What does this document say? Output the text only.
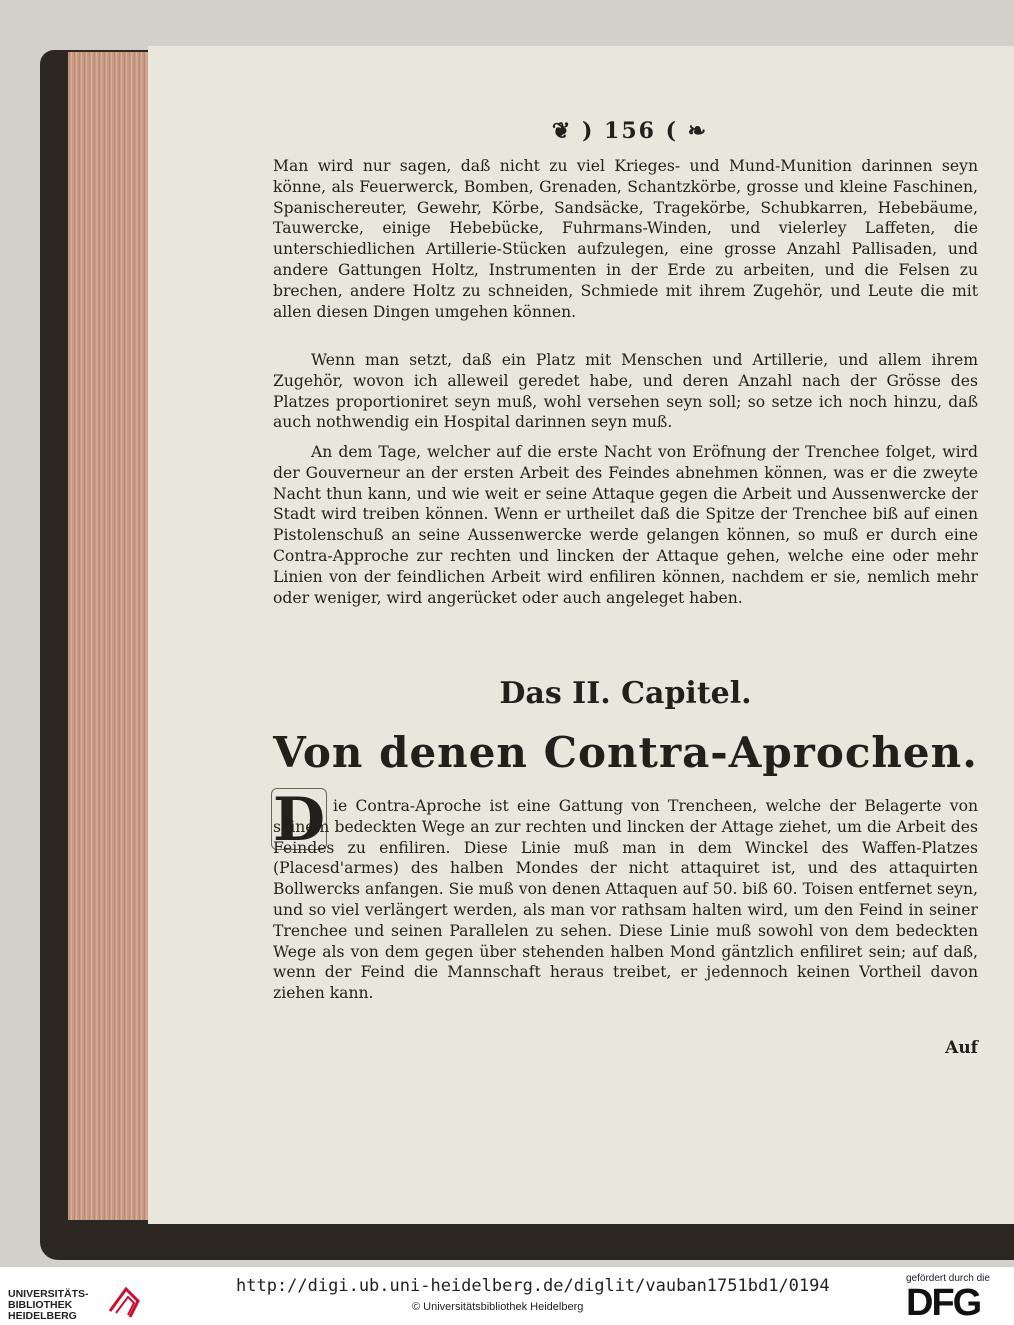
❦ ) 156 ( ❧

Man wird nur sagen, daß nicht zu viel Krieges- und Mund-Munition darinnen seyn könne, als Feuerwerck, Bomben, Grenaden, Schantzkörbe, grosse und kleine Faschinen, Spanischereuter, Gewehr, Körbe, Sandsäcke, Tragekörbe, Schubkarren, Hebebäume, Tauwercke, einige Hebebücke, Fuhrmans-Winden, und vielerley Laffeten, die unterschiedlichen Artillerie-Stücken aufzulegen, eine grosse Anzahl Pallisaden, und andere Gattungen Holtz, Instrumenten in der Erde zu arbeiten, und die Felsen zu brechen, andere Holtz zu schneiden, Schmiede mit ihrem Zugehör, und Leute die mit allen diesen Dingen umgehen können.

Wenn man setzt, daß ein Platz mit Menschen und Artillerie, und allem ihrem Zugehör, wovon ich alleweil geredet habe, und deren Anzahl nach der Grösse des Platzes proportioniret seyn muß, wohl versehen seyn soll; so setze ich noch hinzu, daß auch nothwendig ein Hospital darinnen seyn muß.

An dem Tage, welcher auf die erste Nacht von Eröfnung der Trenchee folget, wird der Gouverneur an der ersten Arbeit des Feindes abnehmen können, was er die zweyte Nacht thun kann, und wie weit er seine Attaque gegen die Arbeit und Aussenwercke der Stadt wird treiben können. Wenn er urtheilet daß die Spitze der Trenchee biß auf einen Pistolenschuß an seine Aussenwercke werde gelangen können, so muß er durch eine Contra-Approche zur rechten und lincken der Attaque gehen, welche eine oder mehr Linien von der feindlichen Arbeit wird enfiliren können, nachdem er sie, nemlich mehr oder weniger, wird angerücket oder auch angeleget haben.

Das II. Capitel.
Von denen Contra-Aprochen.
D ie Contra-Aproche ist eine Gattung von Trencheen, welche der Belagerte von seinem bedeckten Wege an zur rechten und lincken der Attage ziehet, um die Arbeit des Feindes zu enfiliren. Diese Linie muß man in dem Winckel des Waffen-Platzes (Placesd'armes) des halben Mondes der nicht attaquiret ist, und des attaquirten Bollwercks anfangen. Sie muß von denen Attaquen auf 50. biß 60. Toisen entfernet seyn, und so viel verlängert werden, als man vor rathsam halten wird, um den Feind in seiner Trenchee und seinen Parallelen zu sehen. Diese Linie muß sowohl von dem bedeckten Wege als von dem gegen über stehenden halben Mond gäntzlich enfiliret sein; auf daß, wenn der Feind die Mannschaft heraus treibet, er jedennoch keinen Vortheil davon ziehen kann.

Auf
UNIVERSITÄTS-
BIBLIOTHEK
HEIDELBERG
http://digi.ub.uni-heidelberg.de/diglit/vauban1751bd1/0194
© Universitätsbibliothek Heidelberg
gefördert durch die
DFG
